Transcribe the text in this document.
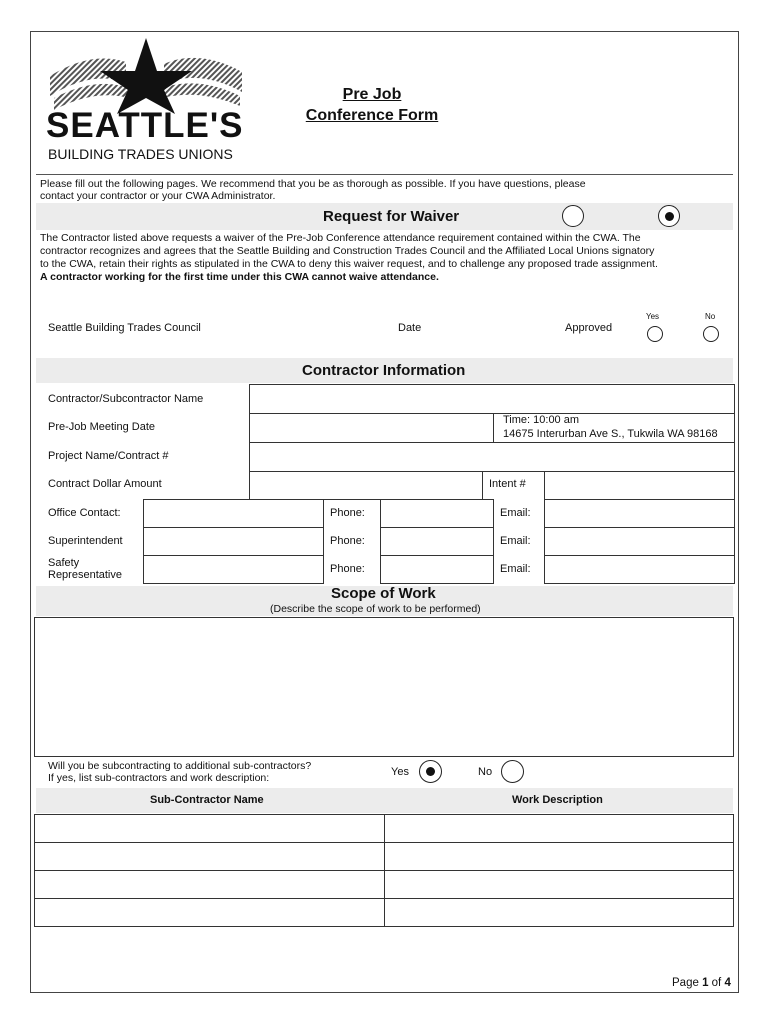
SEATTLE'S
BUILDING TRADES UNIONS
Pre Job
Conference Form
Please fill out the following pages. We recommend that you be as thorough as possible. If you have questions, please
contact your contractor or your CWA Administrator.
Request for Waiver
The Contractor listed above requests a waiver of the Pre-Job Conference attendance requirement contained within the CWA. The
contractor recognizes and agrees that the Seattle Building and Construction Trades Council and the Affiliated Local Unions signatory
to the CWA, retain their rights as stipulated in the CWA to deny this waiver request, and to challenge any proposed trade assignment.
A contractor working for the first time under this CWA cannot waive attendance.
Seattle Building Trades Council	Date	Approved
Yes	No
Contractor Information
Contractor/Subcontractor Name
Pre-Job Meeting Date
Time: 10:00 am
14675 Interurban Ave S., Tukwila WA 98168
Project Name/Contract #
Contract Dollar Amount	Intent #
Office Contact:	Phone:	Email:
Superintendent	Phone:	Email:
Safety Representative	Phone:	Email:
Scope of Work
(Describe the scope of work to be performed)
Will you be subcontracting to additional sub-contractors?
If yes, list sub-contractors and work description:	Yes	No
Sub-Contractor Name	Work Description
Page 1 of 4
